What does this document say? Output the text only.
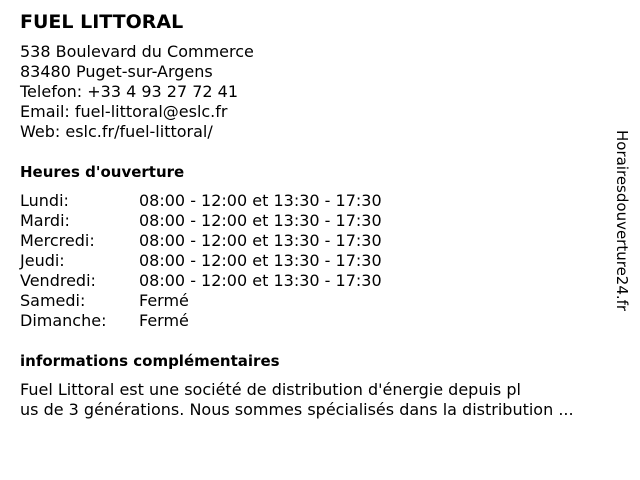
FUEL LITTORAL
538 Boulevard du Commerce
83480 Puget-sur-Argens
Telefon: +33 4 93 27 72 41
Email: fuel-littoral@eslc.fr
Web: eslc.fr/fuel-littoral/
Heures d'ouverture
Lundi:	08:00 - 12:00 et 13:30 - 17:30
Mardi:	08:00 - 12:00 et 13:30 - 17:30
Mercredi:	08:00 - 12:00 et 13:30 - 17:30
Jeudi:	08:00 - 12:00 et 13:30 - 17:30
Vendredi:	08:00 - 12:00 et 13:30 - 17:30
Samedi:	Fermé
Dimanche:	Fermé
informations complémentaires
Fuel Littoral est une société de distribution d'énergie depuis pl
us de 3 générations. Nous sommes spécialisés dans la distribution ...
Horairesdouverture24.fr
